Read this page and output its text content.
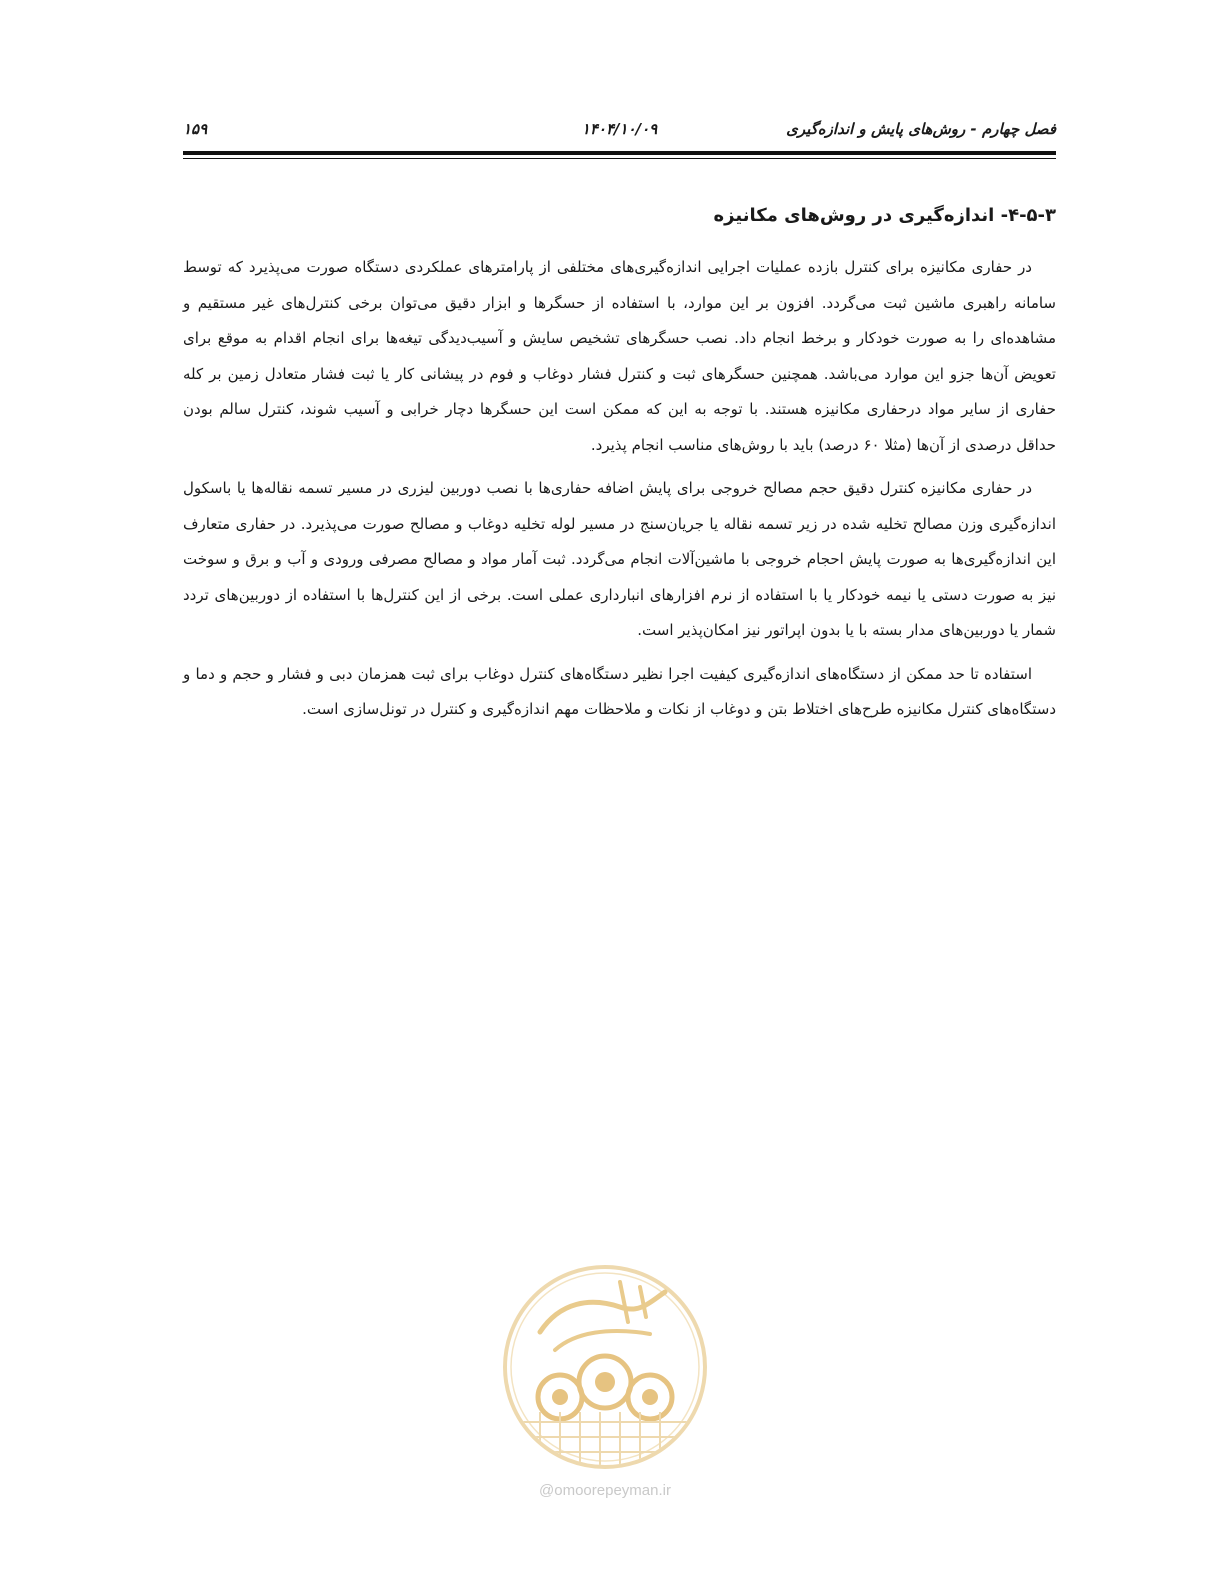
فصل چهارم - روش‌های پایش و اندازه‌گیری
۱۴۰۴/۱۰/۰۹
۱۵۹
۴-۵-۳- اندازه‌گیری در روش‌های مکانیزه

در حفاری مکانیزه برای کنترل بازده عملیات اجرایی اندازه‌گیری‌های مختلفی از پارامترهای عملکردی دستگاه صورت می‌پذیرد که توسط سامانه راهبری ماشین ثبت می‌گردد. افزون بر این موارد، با استفاده از حسگرها و ابزار دقیق می‌توان برخی کنترل‌های غیر مستقیم و مشاهده‌ای را به صورت خودکار و برخط انجام داد. نصب حسگرهای تشخیص سایش و آسیب‌دیدگی تیغه‌ها برای انجام اقدام به موقع برای تعویض آن‌ها جزو این موارد می‌باشد. همچنین حسگرهای ثبت و کنترل فشار دوغاب و فوم در پیشانی کار یا ثبت فشار متعادل زمین بر کله حفاری از سایر مواد درحفاری مکانیزه هستند. با توجه به این که ممکن است این حسگرها دچار خرابی و آسیب شوند، کنترل سالم بودن حداقل درصدی از آن‌ها (مثلا ۶۰ درصد) باید با روش‌های مناسب انجام پذیرد.

در حفاری مکانیزه کنترل دقیق حجم مصالح خروجی برای پایش اضافه حفاری‌ها با نصب دوربین لیزری در مسیر تسمه نقاله‌ها یا باسکول اندازه‌گیری وزن مصالح تخلیه شده در زیر تسمه نقاله یا جریان‌سنج در مسیر لوله تخلیه دوغاب و مصالح صورت می‌پذیرد. در حفاری متعارف این اندازه‌گیری‌ها به صورت پایش احجام خروجی با ماشین‌آلات انجام می‌گردد. ثبت آمار مواد و مصالح مصرفی ورودی و آب و برق و سوخت نیز به صورت دستی یا نیمه خودکار یا با استفاده از نرم افزارهای انبارداری عملی است. برخی از این کنترل‌ها با استفاده از دوربین‌های تردد شمار یا دوربین‌های مدار بسته با یا بدون اپراتور نیز امکان‌پذیر است.

استفاده تا حد ممکن از دستگاه‌های اندازه‌گیری کیفیت اجرا نظیر دستگاه‌های کنترل دوغاب برای ثبت همزمان دبی و فشار و حجم و دما و دستگاه‌های کنترل مکانیزه طرح‌های اختلاط بتن و دوغاب از نکات و ملاحظات مهم اندازه‌گیری و کنترل در تونل‌سازی است.

@omoorepeyman.ir
